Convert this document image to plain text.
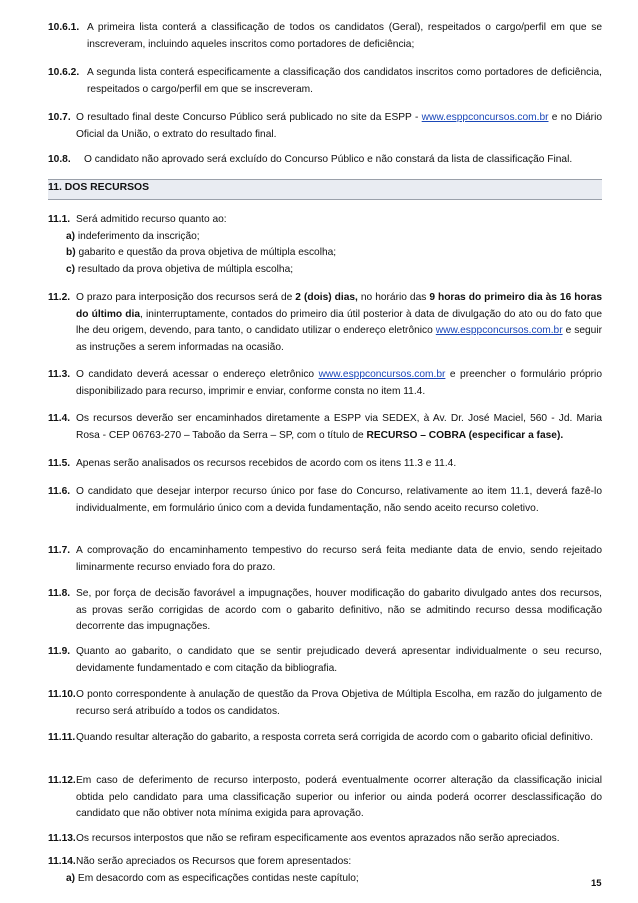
10.6.1. A primeira lista conterá a classificação de todos os candidatos (Geral), respeitados o cargo/perfil em que se inscreveram, incluindo aqueles inscritos como portadores de deficiência;
10.6.2. A segunda lista conterá especificamente a classificação dos candidatos inscritos como portadores de deficiência, respeitados o cargo/perfil em que se inscreveram.
10.7. O resultado final deste Concurso Público será publicado no site da ESPP - www.esppconcursos.com.br e no Diário Oficial da União, o extrato do resultado final.
10.8. O candidato não aprovado será excluído do Concurso Público e não constará da lista de classificação Final.
11. DOS RECURSOS
11.1. Será admitido recurso quanto ao:
a) indeferimento da inscrição;
b) gabarito e questão da prova objetiva de múltipla escolha;
c) resultado da prova objetiva de múltipla escolha;
11.2. O prazo para interposição dos recursos será de 2 (dois) dias, no horário das 9 horas do primeiro dia às 16 horas do último dia, ininterruptamente, contados do primeiro dia útil posterior à data de divulgação do ato ou do fato que lhe deu origem, devendo, para tanto, o candidato utilizar o endereço eletrônico www.esppconcursos.com.br e seguir as instruções a serem informadas na ocasião.
11.3. O candidato deverá acessar o endereço eletrônico www.esppconcursos.com.br e preencher o formulário próprio disponibilizado para recurso, imprimir e enviar, conforme consta no item 11.4.
11.4. Os recursos deverão ser encaminhados diretamente a ESPP via SEDEX, à Av. Dr. José Maciel, 560 - Jd. Maria Rosa - CEP 06763-270 – Taboão da Serra – SP, com o título de RECURSO – COBRA (especificar a fase).
11.5. Apenas serão analisados os recursos recebidos de acordo com os itens 11.3 e 11.4.
11.6. O candidato que desejar interpor recurso único por fase do Concurso, relativamente ao item 11.1, deverá fazê-lo individualmente, em formulário único com a devida fundamentação, não sendo aceito recurso coletivo.
11.7. A comprovação do encaminhamento tempestivo do recurso será feita mediante data de envio, sendo rejeitado liminarmente recurso enviado fora do prazo.
11.8. Se, por força de decisão favorável a impugnações, houver modificação do gabarito divulgado antes dos recursos, as provas serão corrigidas de acordo com o gabarito definitivo, não se admitindo recurso dessa modificação decorrente das impugnações.
11.9. Quanto ao gabarito, o candidato que se sentir prejudicado deverá apresentar individualmente o seu recurso, devidamente fundamentado e com citação da bibliografia.
11.10. O ponto correspondente à anulação de questão da Prova Objetiva de Múltipla Escolha, em razão do julgamento de recurso será atribuído a todos os candidatos.
11.11. Quando resultar alteração do gabarito, a resposta correta será corrigida de acordo com o gabarito oficial definitivo.
11.12. Em caso de deferimento de recurso interposto, poderá eventualmente ocorrer alteração da classificação inicial obtida pelo candidato para uma classificação superior ou inferior ou ainda poderá ocorrer desclassificação do candidato que não obtiver nota mínima exigida para aprovação.
11.13. Os recursos interpostos que não se refiram especificamente aos eventos aprazados não serão apreciados.
11.14. Não serão apreciados os Recursos que forem apresentados:
a) Em desacordo com as especificações contidas neste capítulo;	15
